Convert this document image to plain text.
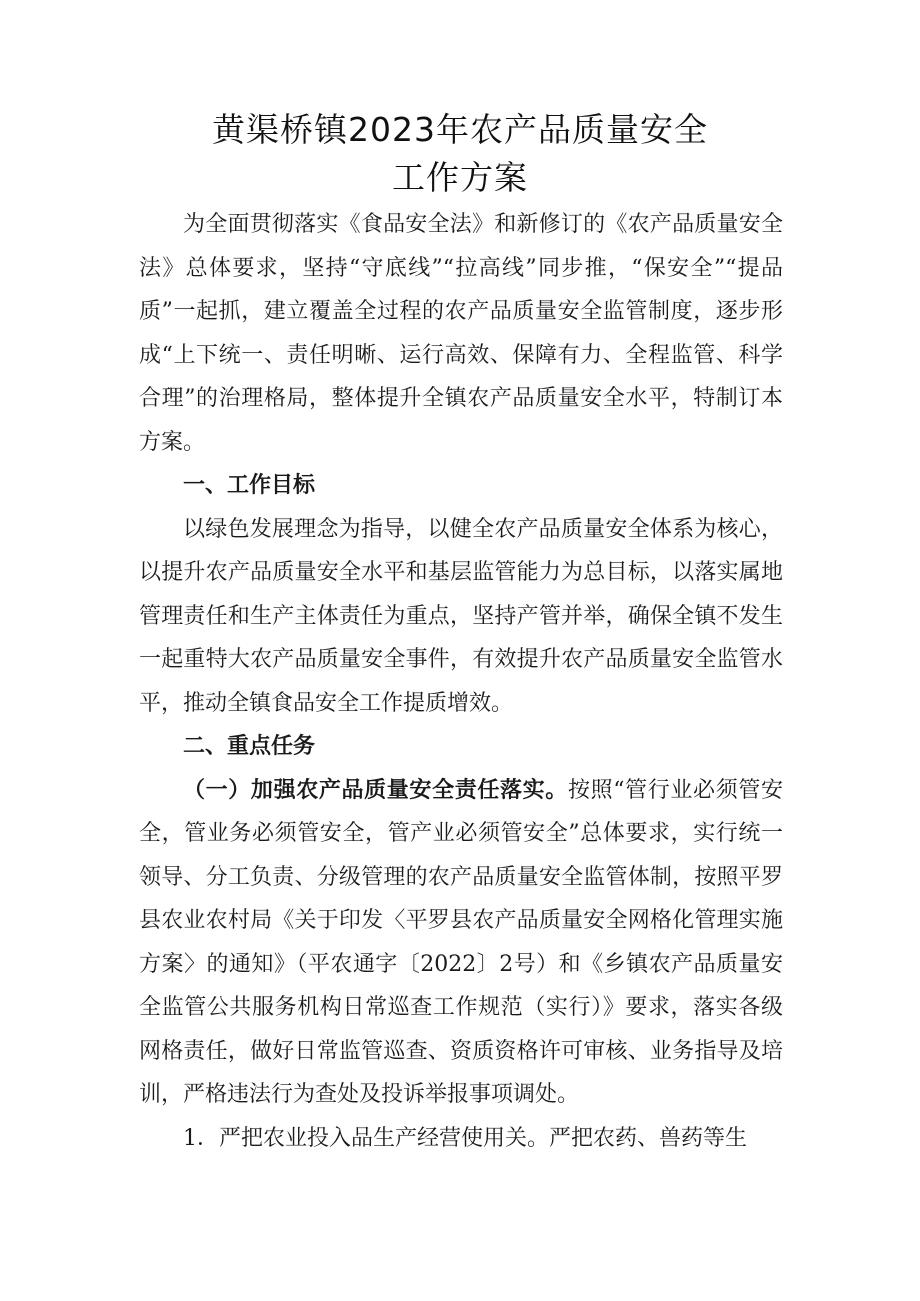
黄渠桥镇2023年农产品质量安全
工作方案

为全面贯彻落实《食品安全法》和新修订的《农产品质量安全法》总体要求，坚持“守底线”“拉高线”同步推，“保安全”“提品质”一起抓，建立覆盖全过程的农产品质量安全监管制度，逐步形成“上下统一、责任明晰、运行高效、保障有力、全程监管、科学合理”的治理格局，整体提升全镇农产品质量安全水平，特制订本方案。

一、工作目标

以绿色发展理念为指导，以健全农产品质量安全体系为核心，以提升农产品质量安全水平和基层监管能力为总目标，以落实属地管理责任和生产主体责任为重点，坚持产管并举，确保全镇不发生一起重特大农产品质量安全事件，有效提升农产品质量安全监管水平，推动全镇食品安全工作提质增效。

二、重点任务

（一）加强农产品质量安全责任落实。按照“管行业必须管安全，管业务必须管安全，管产业必须管安全”总体要求，实行统一领导、分工负责、分级管理的农产品质量安全监管体制，按照平罗县农业农村局《关于印发〈平罗县农产品质量安全网格化管理实施方案〉的通知》（平农通字〔2022〕2号）和《乡镇农产品质量安全监管公共服务机构日常巡查工作规范（实行）》要求，落实各级网格责任，做好日常监管巡查、资质资格许可审核、业务指导及培训，严格违法行为查处及投诉举报事项调处。

1．严把农业投入品生产经营使用关。严把农药、兽药等生
